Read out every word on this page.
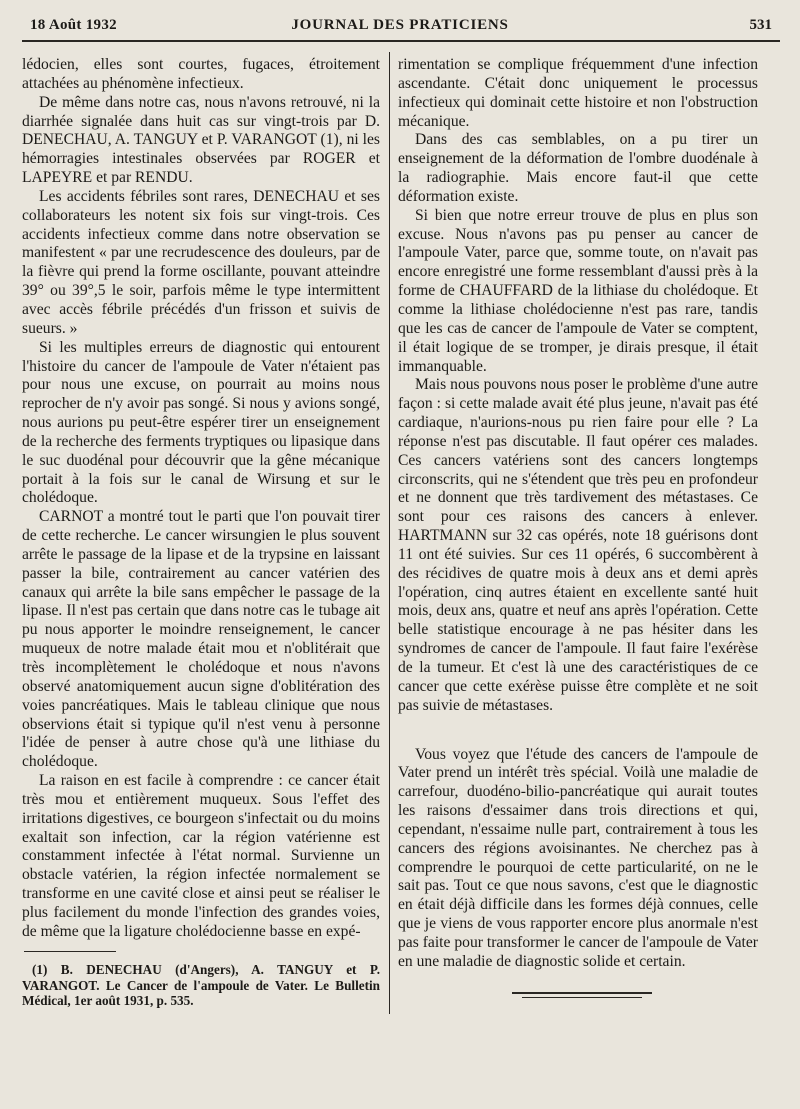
18 Août 1932	JOURNAL DES PRATICIENS	531

lédocien, elles sont courtes, fugaces, étroitement attachées au phénomène infectieux.

De même dans notre cas, nous n'avons retrouvé, ni la diarrhée signalée dans huit cas sur vingt-trois par D. DENECHAU, A. TANGUY et P. VARANGOT (1), ni les hémorragies intestinales observées par ROGER et LAPEYRE et par RENDU.

Les accidents fébriles sont rares, DENECHAU et ses collaborateurs les notent six fois sur vingt-trois. Ces accidents infectieux comme dans notre observation se manifestent « par une recrudescence des douleurs, par de la fièvre qui prend la forme oscillante, pouvant atteindre 39° ou 39°,5 le soir, parfois même le type intermittent avec accès fébrile précédés d'un frisson et suivis de sueurs. »

Si les multiples erreurs de diagnostic qui entourent l'histoire du cancer de l'ampoule de Vater n'étaient pas pour nous une excuse, on pourrait au moins nous reprocher de n'y avoir pas songé. Si nous y avions songé, nous aurions pu peut-être espérer tirer un enseignement de la recherche des ferments tryptiques ou lipasique dans le suc duodénal pour découvrir que la gêne mécanique portait à la fois sur le canal de Wirsung et sur le cholédoque.

CARNOT a montré tout le parti que l'on pouvait tirer de cette recherche. Le cancer wirsungien le plus souvent arrête le passage de la lipase et de la trypsine en laissant passer la bile, contrairement au cancer vatérien des canaux qui arrête la bile sans empêcher le passage de la lipase. Il n'est pas certain que dans notre cas le tubage ait pu nous apporter le moindre renseignement, le cancer muqueux de notre malade était mou et n'oblitérait que très incomplètement le cholédoque et nous n'avons observé anatomiquement aucun signe d'oblitération des voies pancréatiques. Mais le tableau clinique que nous observions était si typique qu'il n'est venu à personne l'idée de penser à autre chose qu'à une lithiase du cholédoque.

La raison en est facile à comprendre : ce cancer était très mou et entièrement muqueux. Sous l'effet des irritations digestives, ce bourgeon s'infectait ou du moins exaltait son infection, car la région vatérienne est constamment infectée à l'état normal. Survienne un obstacle vatérien, la région infectée normalement se transforme en une cavité close et ainsi peut se réaliser le plus facilement du monde l'infection des grandes voies, de même que la ligature cholédocienne basse en expé-

(1) B. DENECHAU (d'Angers), A. TANGUY et P. VARANGOT. Le Cancer de l'ampoule de Vater. Le Bulletin Médical, 1er août 1931, p. 535.

rimentation se complique fréquemment d'une infection ascendante. C'était donc uniquement le processus infectieux qui dominait cette histoire et non l'obstruction mécanique.

Dans des cas semblables, on a pu tirer un enseignement de la déformation de l'ombre duodénale à la radiographie. Mais encore faut-il que cette déformation existe.

Si bien que notre erreur trouve de plus en plus son excuse. Nous n'avons pas pu penser au cancer de l'ampoule Vater, parce que, somme toute, on n'avait pas encore enregistré une forme ressemblant d'aussi près à la forme de CHAUFFARD de la lithiase du cholédoque. Et comme la lithiase cholédocienne n'est pas rare, tandis que les cas de cancer de l'ampoule de Vater se comptent, il était logique de se tromper, je dirais presque, il était immanquable.

Mais nous pouvons nous poser le problème d'une autre façon : si cette malade avait été plus jeune, n'avait pas été cardiaque, n'aurions-nous pu rien faire pour elle ? La réponse n'est pas discutable. Il faut opérer ces malades. Ces cancers vatériens sont des cancers longtemps circonscrits, qui ne s'étendent que très peu en profondeur et ne donnent que très tardivement des métastases. Ce sont pour ces raisons des cancers à enlever. HARTMANN sur 32 cas opérés, note 18 guérisons dont 11 ont été suivies. Sur ces 11 opérés, 6 succombèrent à des récidives de quatre mois à deux ans et demi après l'opération, cinq autres étaient en excellente santé huit mois, deux ans, quatre et neuf ans après l'opération. Cette belle statistique encourage à ne pas hésiter dans les syndromes de cancer de l'ampoule. Il faut faire l'exérèse de la tumeur. Et c'est là une des caractéristiques de ce cancer que cette exérèse puisse être complète et ne soit pas suivie de métastases.

Vous voyez que l'étude des cancers de l'ampoule de Vater prend un intérêt très spécial. Voilà une maladie de carrefour, duodéno-bilio-pancréatique qui aurait toutes les raisons d'essaimer dans trois directions et qui, cependant, n'essaime nulle part, contrairement à tous les cancers des régions avoisinantes. Ne cherchez pas à comprendre le pourquoi de cette particularité, on ne le sait pas. Tout ce que nous savons, c'est que le diagnostic en était déjà difficile dans les formes déjà connues, celle que je viens de vous rapporter encore plus anormale n'est pas faite pour transformer le cancer de l'ampoule de Vater en une maladie de diagnostic solide et certain.
